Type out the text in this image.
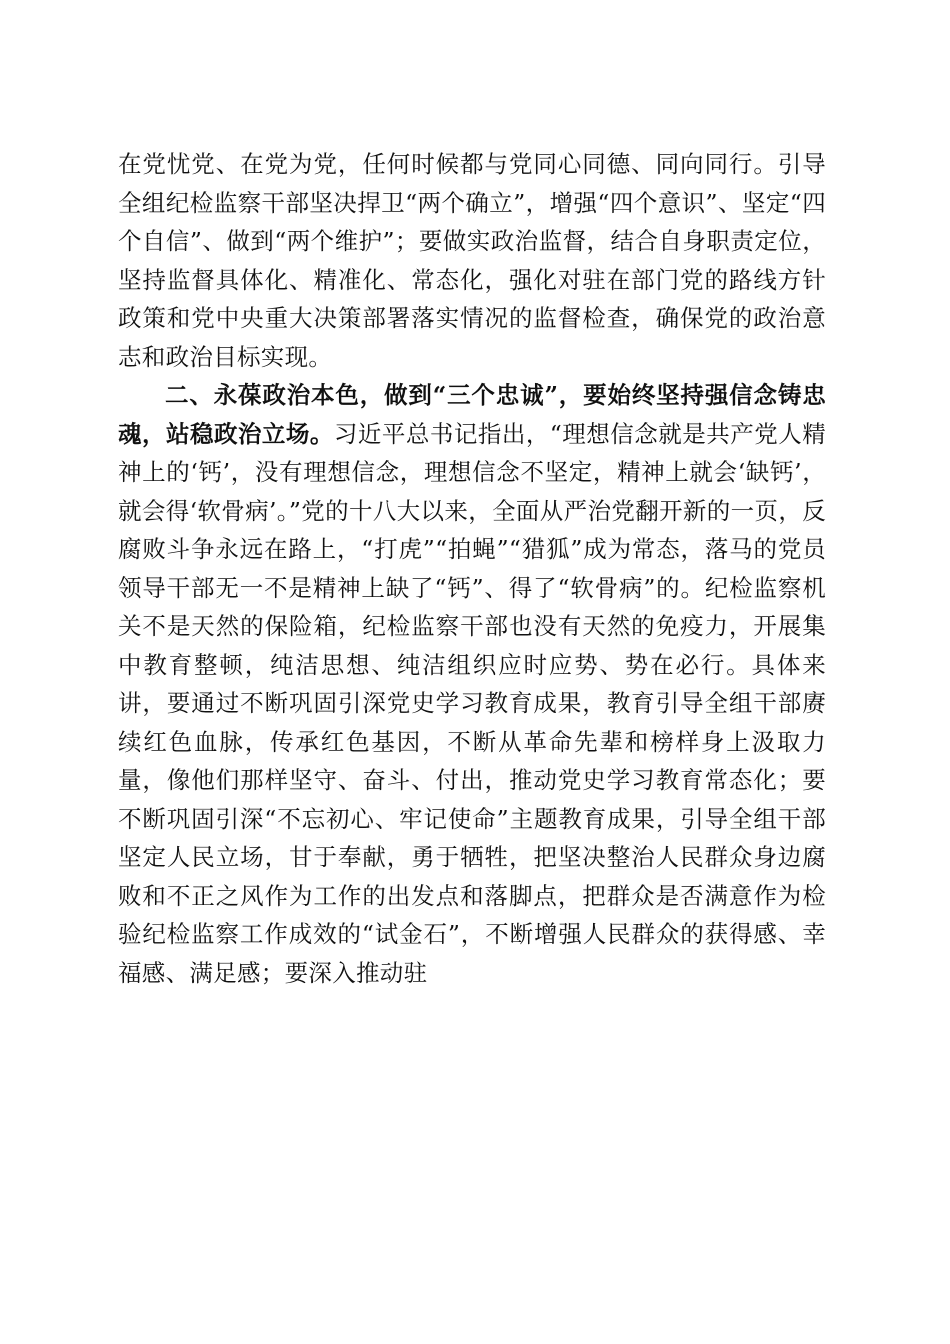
在党忧党、在党为党，任何时候都与党同心同德、同向同行。引导全组纪检监察干部坚决捍卫“两个确立”，增强“四个意识”、坚定“四个自信”、做到“两个维护”；要做实政治监督，结合自身职责定位，坚持监督具体化、精准化、常态化，强化对驻在部门党的路线方针政策和党中央重大决策部署落实情况的监督检查，确保党的政治意志和政治目标实现。

二、永葆政治本色，做到“三个忠诚”，要始终坚持强信念铸忠魂，站稳政治立场。习近平总书记指出，“理想信念就是共产党人精神上的‘钙’，没有理想信念，理想信念不坚定，精神上就会‘缺钙’，就会得‘软骨病’。”党的十八大以来，全面从严治党翻开新的一页，反腐败斗争永远在路上，“打虎”“拍蝇”“猎狐”成为常态，落马的党员领导干部无一不是精神上缺了“钙”、得了“软骨病”的。纪检监察机关不是天然的保险箱，纪检监察干部也没有天然的免疫力，开展集中教育整顿，纯洁思想、纯洁组织应时应势、势在必行。具体来讲，要通过不断巩固引深党史学习教育成果，教育引导全组干部赓续红色血脉，传承红色基因，不断从革命先辈和榜样身上汲取力量，像他们那样坚守、奋斗、付出，推动党史学习教育常态化；要不断巩固引深“不忘初心、牢记使命”主题教育成果，引导全组干部坚定人民立场，甘于奉献，勇于牺牲，把坚决整治人民群众身边腐败和不正之风作为工作的出发点和落脚点，把群众是否满意作为检验纪检监察工作成效的“试金石”，不断增强人民群众的获得感、幸福感、满足感；要深入推动驻
